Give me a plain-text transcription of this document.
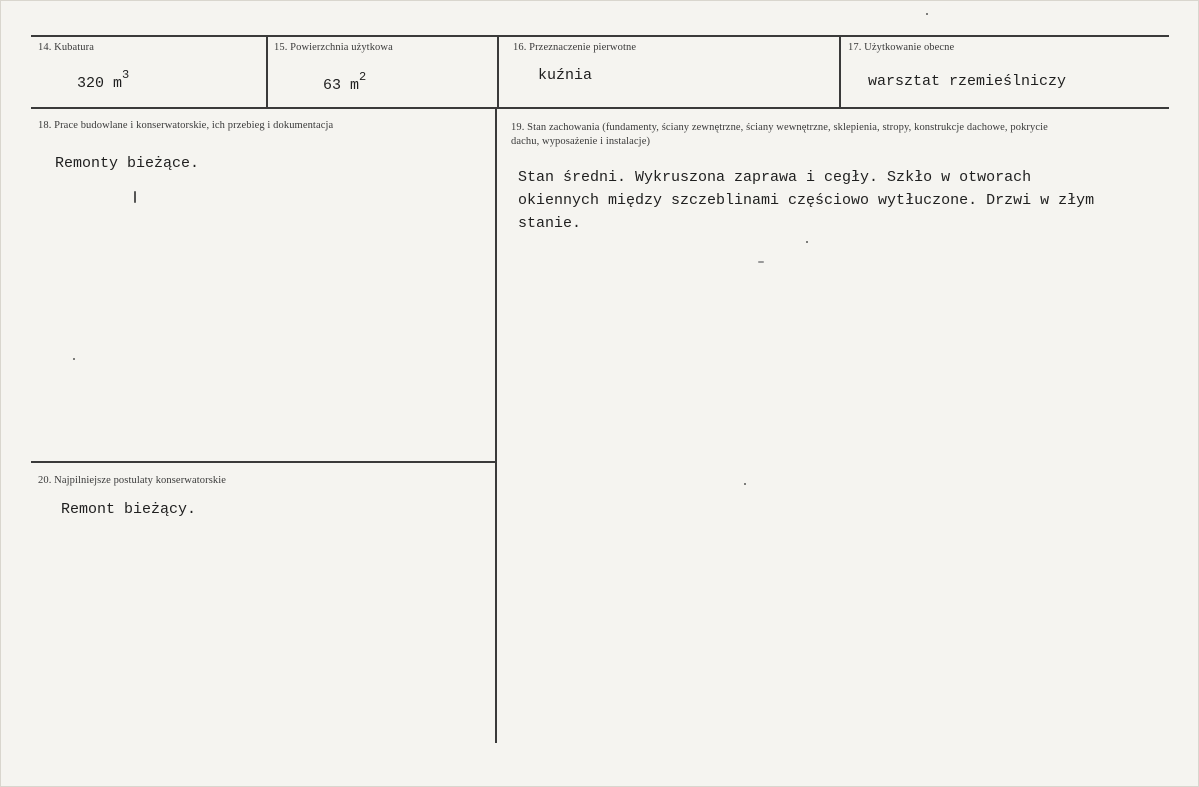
14. Kubatura
320 $m^3$
15. Powierzchnia użytkowa
63 $m^2$
16. Przeznaczenie pierwotne
kuźnia
17. Użytkowanie obecne
warsztat rzemieślniczy
18. Prace budowlane i konserwatorskie, ich przebieg i dokumentacja
Remonty bieżące.
19. Stan zachowania (fundamenty, ściany zewnętrzne, ściany wewnętrzne, sklepienia, stropy, konstrukcje dachowe, pokrycie dachu, wyposażenie i instalacje)
Stan średni. Wykruszona zaprawa i cegły. Szkło w otworach okiennych między szczeblinami częściowo wytłuczone. Drzwi w złym stanie.
20. Najpilniejsze postulaty konserwatorskie
Remont bieżący.
